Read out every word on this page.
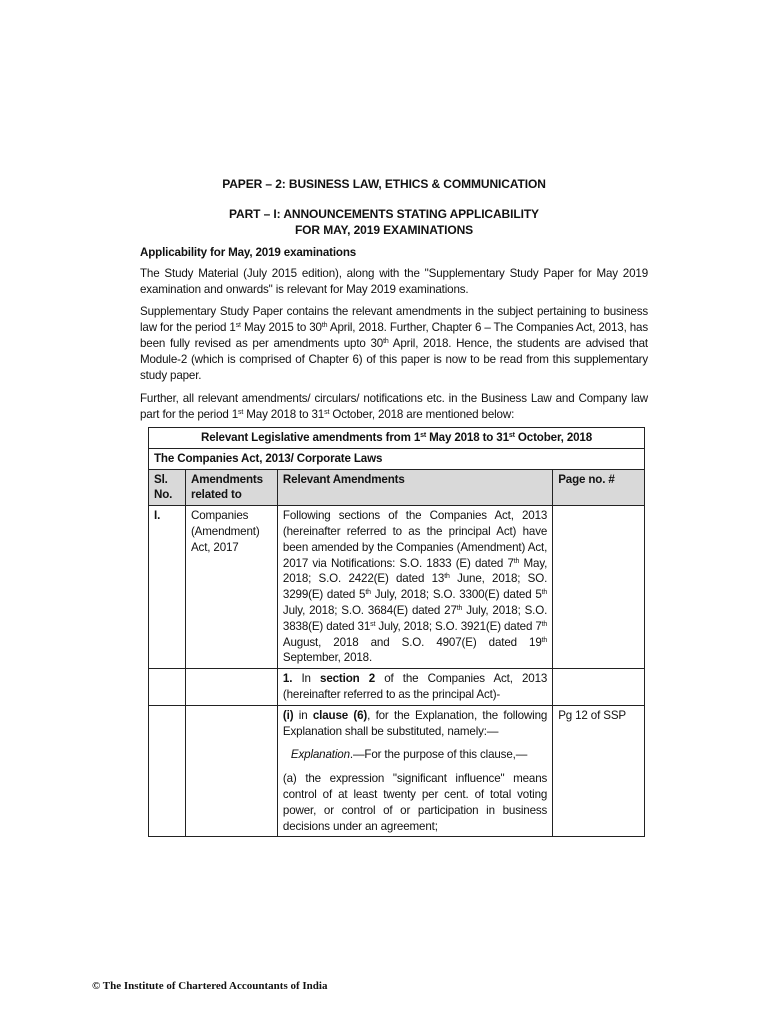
PAPER – 2: BUSINESS LAW, ETHICS & COMMUNICATION
PART – I: ANNOUNCEMENTS STATING APPLICABILITY
FOR MAY, 2019 EXAMINATIONS
Applicability for May, 2019 examinations
The Study Material (July 2015 edition), along with the "Supplementary Study Paper for May 2019 examination and onwards" is relevant for May 2019 examinations.
Supplementary Study Paper contains the relevant amendments in the subject pertaining to business law for the period 1st May 2015 to 30th April, 2018. Further, Chapter 6 – The Companies Act, 2013, has been fully revised as per amendments upto 30th April, 2018. Hence, the students are advised that Module-2 (which is comprised of Chapter 6) of this paper is now to be read from this supplementary study paper.
Further, all relevant amendments/ circulars/ notifications etc. in the Business Law and Company law part for the period 1st May 2018 to 31st October, 2018 are mentioned below:
Relevant Legislative amendments from 1st May 2018 to 31st October, 2018			
The Companies Act, 2013/ Corporate Laws			
Sl. No.	Amendments related to	Relevant Amendments	Page no. #
I.	Companies (Amendment) Act, 2017	Following sections of the Companies Act, 2013 (hereinafter referred to as the principal Act) have been amended by the Companies (Amendment) Act, 2017 via Notifications: S.O. 1833 (E) dated 7th May, 2018; S.O. 2422(E) dated 13th June, 2018; SO. 3299(E) dated 5th July, 2018; S.O. 3300(E) dated 5th July, 2018; S.O. 3684(E) dated 27th July, 2018; S.O. 3838(E) dated 31st July, 2018; S.O. 3921(E) dated 7th August, 2018 and S.O. 4907(E) dated 19th September, 2018.	
		1. In section 2 of the Companies Act, 2013 (hereinafter referred to as the principal Act)-	

		(i) in clause (6), for the Explanation, the following Explanation shall be substituted, namely:—

Explanation.—For the purpose of this clause,—

(a) the expression "significant influence" means control of at least twenty per cent. of total voting power, or control of or participation in business decisions under an agreement;	Pg 12 of SSP
© The Institute of Chartered Accountants of India
